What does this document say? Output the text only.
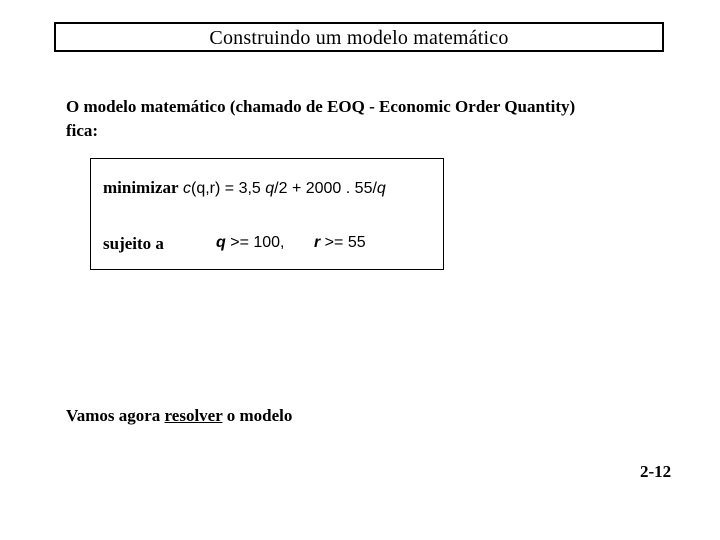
Construindo um modelo matemático
O modelo matemático (chamado de EOQ - Economic Order Quantity)
fica:
minimizar c(q,r) = 3,5 q/2 + 2000 . 55/q
sujeito a	q >= 100, r >= 55
Vamos agora resolver o modelo
2-12
